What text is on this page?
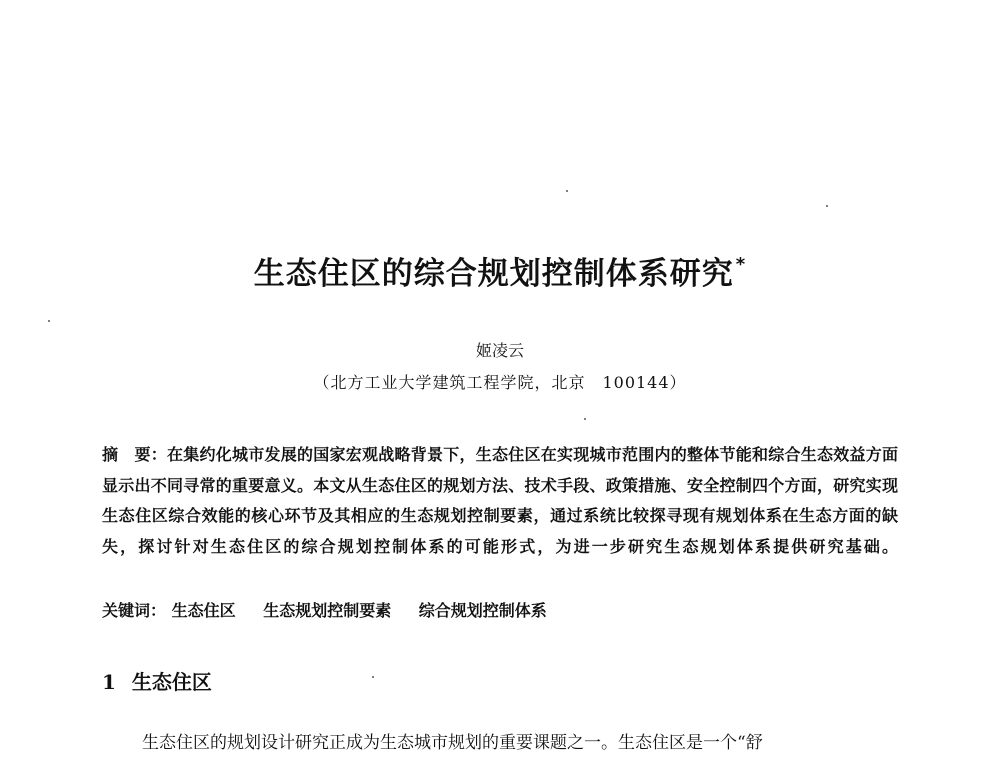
生态住区的综合规划控制体系研究 *
姬凌云
（北方工业大学建筑工程学院，北京　100144）
摘　要：在集约化城市发展的国家宏观战略背景下，生态住区在实现城市范围内的整体节能和综合生态效益方面显示出不同寻常的重要意义。本文从生态住区的规划方法、技术手段、政策措施、安全控制四个方面，研究实现生态住区综合效能的核心环节及其相应的生态规划控制要素，通过系统比较探寻现有规划体系在生态方面的缺失，探讨针对生态住区的综合规划控制体系的可能形式，为进一步研究生态规划体系提供研究基础。
关键词： 生态住区 生态规划控制要素 综合规划控制体系
1 生态住区
生态住区的规划设计研究正成为生态城市规划的重要课题之一。生态住区是一个“舒
